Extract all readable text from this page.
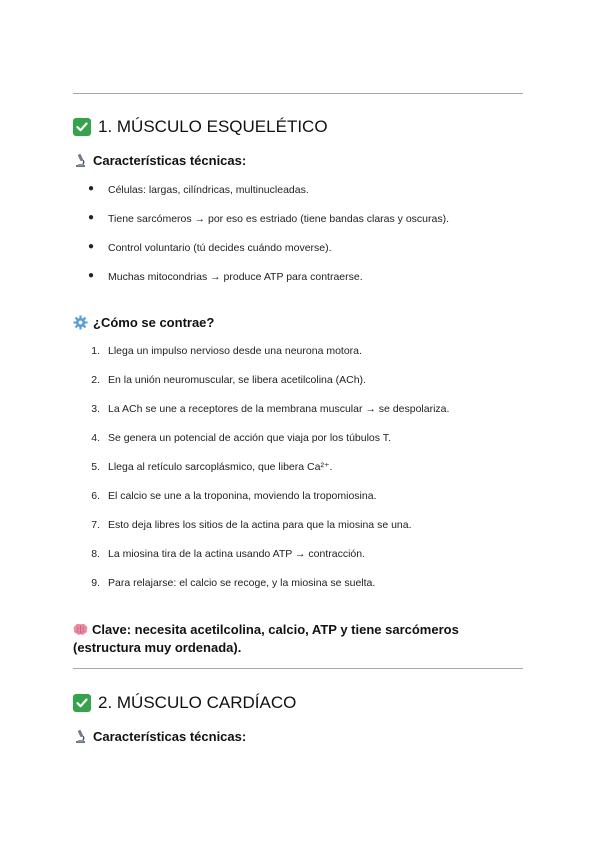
1. MÚSCULO ESQUELÉTICO
Características técnicas:
● Células: largas, cilíndricas, multinucleadas.
● Tiene sarcómeros → por eso es estriado (tiene bandas claras y oscuras).
● Control voluntario (tú decides cuándo moverse).
● Muchas mitocondrias → produce ATP para contraerse.
¿Cómo se contrae?
1. Llega un impulso nervioso desde una neurona motora.
2. En la unión neuromuscular, se libera acetilcolina (ACh).
3. La ACh se une a receptores de la membrana muscular → se despolariza.
4. Se genera un potencial de acción que viaja por los túbulos T.
5. Llega al retículo sarcoplásmico, que libera Ca²⁺.
6. El calcio se une a la troponina, moviendo la tropomiosina.
7. Esto deja libres los sitios de la actina para que la miosina se una.
8. La miosina tira de la actina usando ATP → contracción.
9. Para relajarse: el calcio se recoge, y la miosina se suelta.
Clave: necesita acetilcolina, calcio, ATP y tiene sarcómeros (estructura muy ordenada).
2. MÚSCULO CARDÍACO
Características técnicas:
